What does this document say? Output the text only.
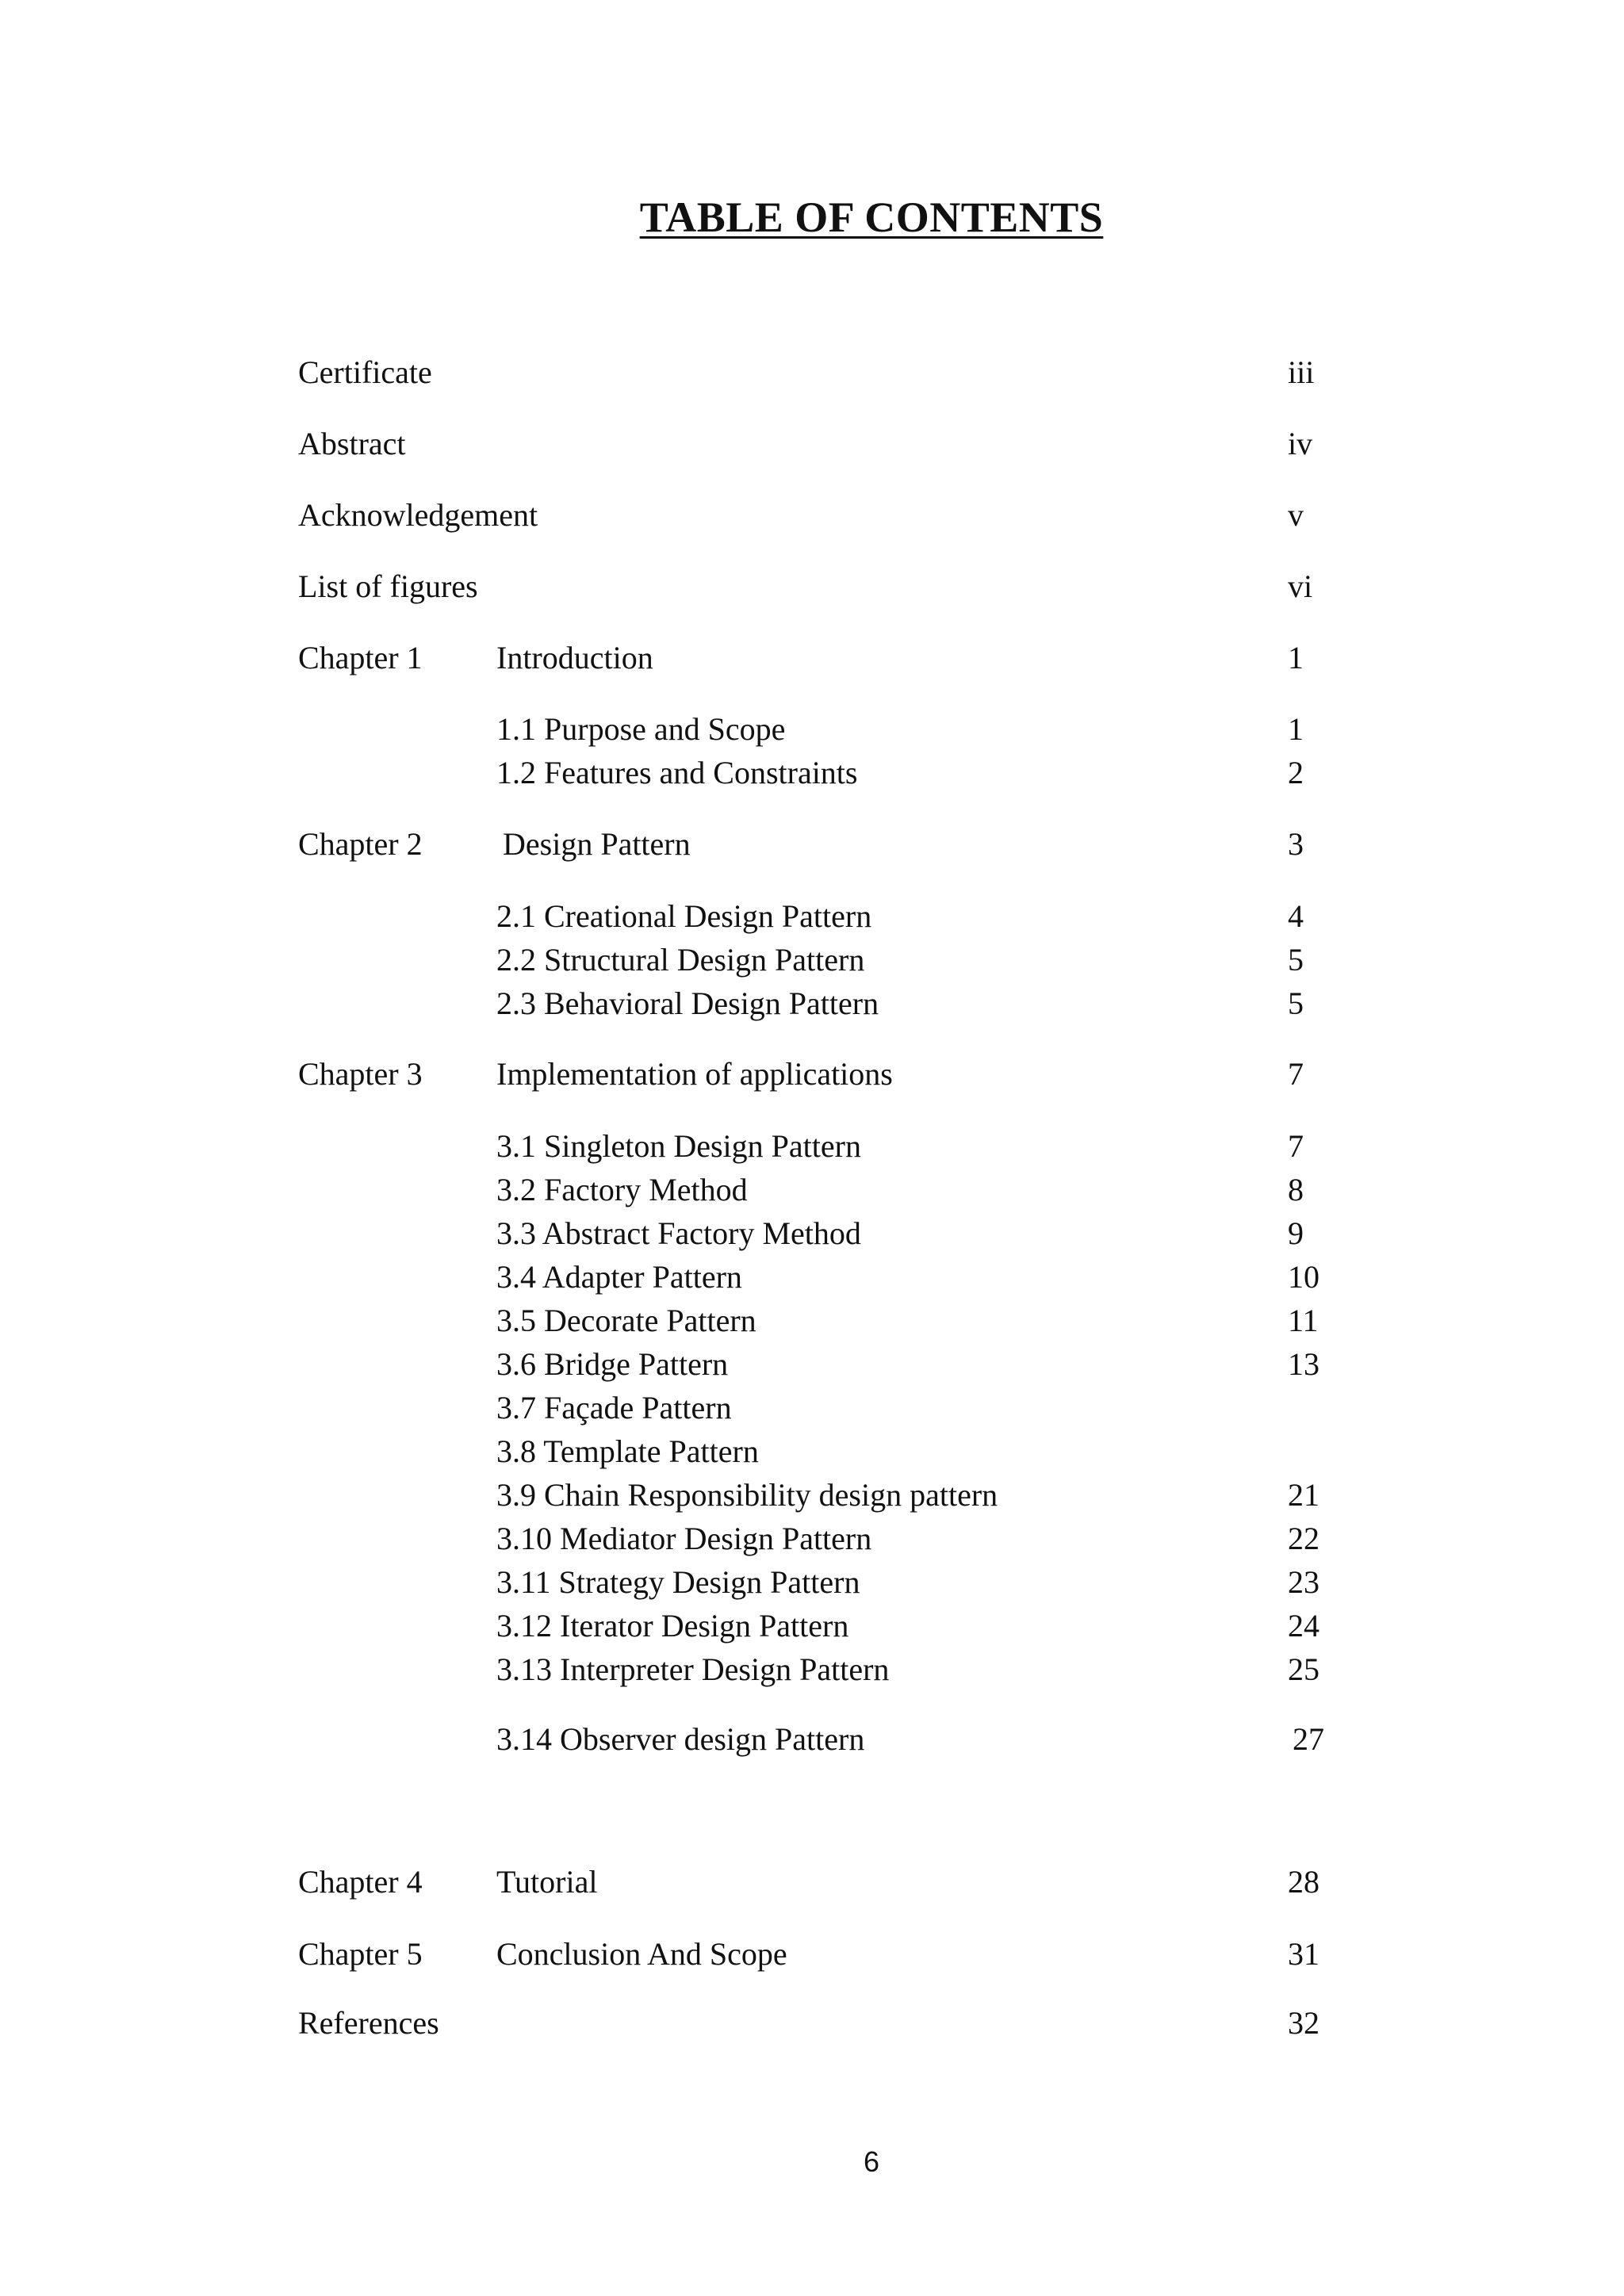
TABLE OF CONTENTS
Certificate	iii
Abstract	iv
Acknowledgement	v
List of figures	vi
Chapter 1 Introduction	1
1.1 Purpose and Scope	1
1.2 Features and Constraints	2
Chapter 2	Design Pattern	3
2.1 Creational Design Pattern	4
2.2 Structural Design Pattern	5
2.3 Behavioral Design Pattern	5
Chapter 3 Implementation of applications	7
3.1 Singleton Design Pattern	7
3.2 Factory Method	8
3.3 Abstract Factory Method	9
3.4 Adapter Pattern	10
3.5 Decorate Pattern	11
3.6 Bridge Pattern	13
3.7 Façade Pattern
3.8 Template Pattern
3.9 Chain Responsibility design pattern	21
3.10 Mediator Design Pattern	22
3.11 Strategy Design Pattern	23
3.12 Iterator Design Pattern	24
3.13 Interpreter Design Pattern	25
3.14 Observer design Pattern	27
Chapter 4 Tutorial	28
Chapter 5 Conclusion And Scope	31
References	32
6
